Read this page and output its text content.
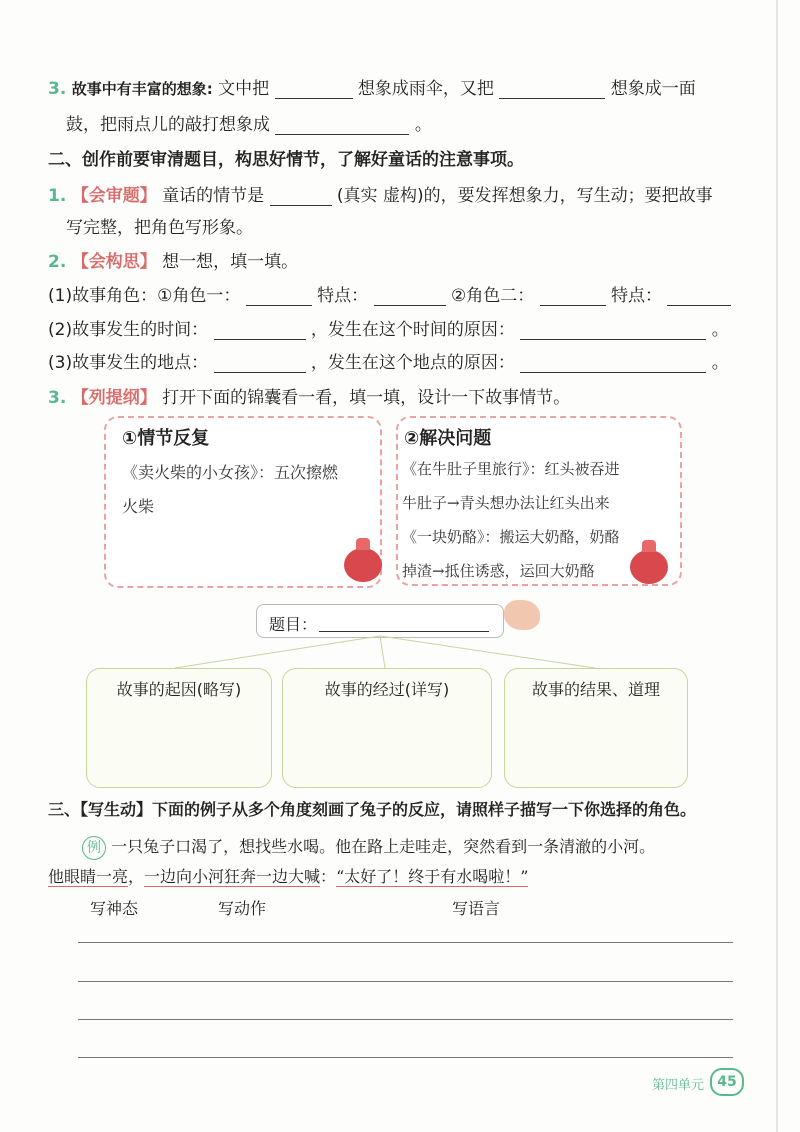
3. 故事中有丰富的想象: 文中把	想象成雨伞，又把	想象成一面
鼓，把雨点儿的敲打想象成	。
二、创作前要审清题目，构思好情节，了解好童话的注意事项。
1. 【会审题】 童话的情节是	(真实 虚构)的，要发挥想象力，写生动；要把故事
写完整，把角色写形象。
2. 【会构思】 想一想，填一填。
(1)故事角色：①角色一：	特点：	②角色二：	特点：
(2)故事发生的时间：	，发生在这个时间的原因：	。
(3)故事发生的地点：	，发生在这个地点的原因：	。
3. 【列提纲】 打开下面的锦囊看一看，填一填，设计一下故事情节。
①情节反复
《卖火柴的小女孩》：五次擦燃
火柴
②解决问题
《在牛肚子里旅行》：红头被吞进
牛肚子→青头想办法让红头出来
《一块奶酪》：搬运大奶酪，奶酪
掉渣→抵住诱惑，运回大奶酪
题目：
故事的起因(略写)	故事的经过(详写)	故事的结果、道理
三、【写生动】下面的例子从多个角度刻画了兔子的反应，请照样子描写一下你选择的角色。
例 一只兔子口渴了，想找些水喝。他在路上走哇走，突然看到一条清澈的小河。
他眼睛一亮，一边向小河狂奔一边大喊：“太好了！终于有水喝啦！”
写神态	写动作	写语言
第四单元 45
